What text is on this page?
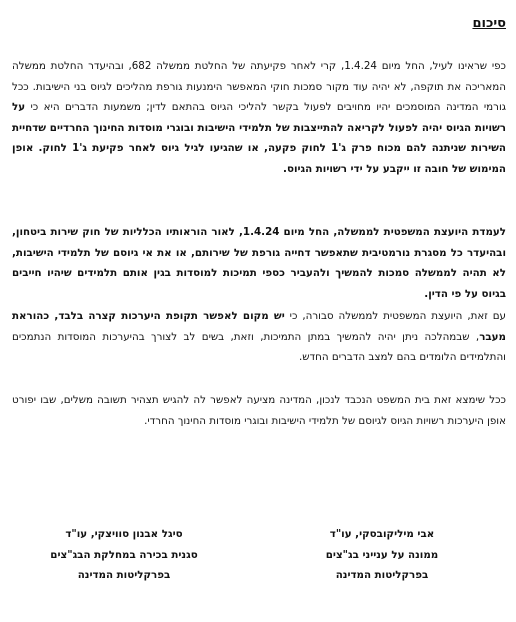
סיכום

כפי שראינו לעיל, החל מיום 1.4.24, קרי לאחר פקיעתה של החלטת ממשלה 682, ובהיעדר החלטת ממשלה המאריכה את תוקפה, לא יהיה עוד מקור סמכות חוקי המאפשר הימנעות גורפת מהליכים לגיוס בני הישיבות. ככל גורמי המדינה המוסמכים יהיו מחויבים לפעול בקשר להליכי הגיוס בהתאם לדין; משמעות הדברים היא כי על רשויות הגיוס יהיה לפעול לקריאה להתייצבות של תלמידי הישיבות ובוגרי מוסדות החינוך החרדיים שדחיית השירות שניתנה להם מכוח פרק ג'1 לחוק פקעה, או שהגיעו לגיל גיוס לאחר פקיעת ג'1 לחוק. אופן המימוש של חובה זו ייקבע על ידי רשויות הגיוס.

לעמדת היועצת המשפטית לממשלה, החל מיום 1.4.24, לאור הוראותיו הכלליות של חוק שירות ביטחון, ובהיעדר כל מסגרת נורמטיבית שתאפשר דחייה גורפת של שירותם, או את אי גיוסם של תלמידי הישיבות, לא תהיה לממשלה סמכות להמשיך ולהעביר כספי תמיכות למוסדות בגין אותם תלמידים שיהיו חייבים בגיוס על פי הדין.

עם זאת, היועצת המשפטית לממשלה סבורה, כי יש מקום לאפשר תקופת היערכות קצרה בלבד, כהוראת מעבר, שבמהלכה ניתן יהיה להמשיך במתן התמיכות, וזאת, בשים לב לצורך בהיערכות המוסדות הנתמכים והתלמידים הלומדים בהם למצב הדברים החדש.

ככל שימצא זאת בית המשפט הנכבד לנכון, המדינה מציעה לאפשר לה להגיש תצהיר תשובה משלים, שבו יפורט אופן היערכות רשויות הגיוס לגיוסם של תלמידי הישיבות ובוגרי מוסדות החינוך החרדי.

אבי מיליקובסקי, עו"ד
ממונה על ענייני בג"צים
בפרקליטות המדינה
סיגל אבנון סוויצקי, עו"ד
סגנית בכירה במחלקת הבג"צים
בפרקליטות המדינה
